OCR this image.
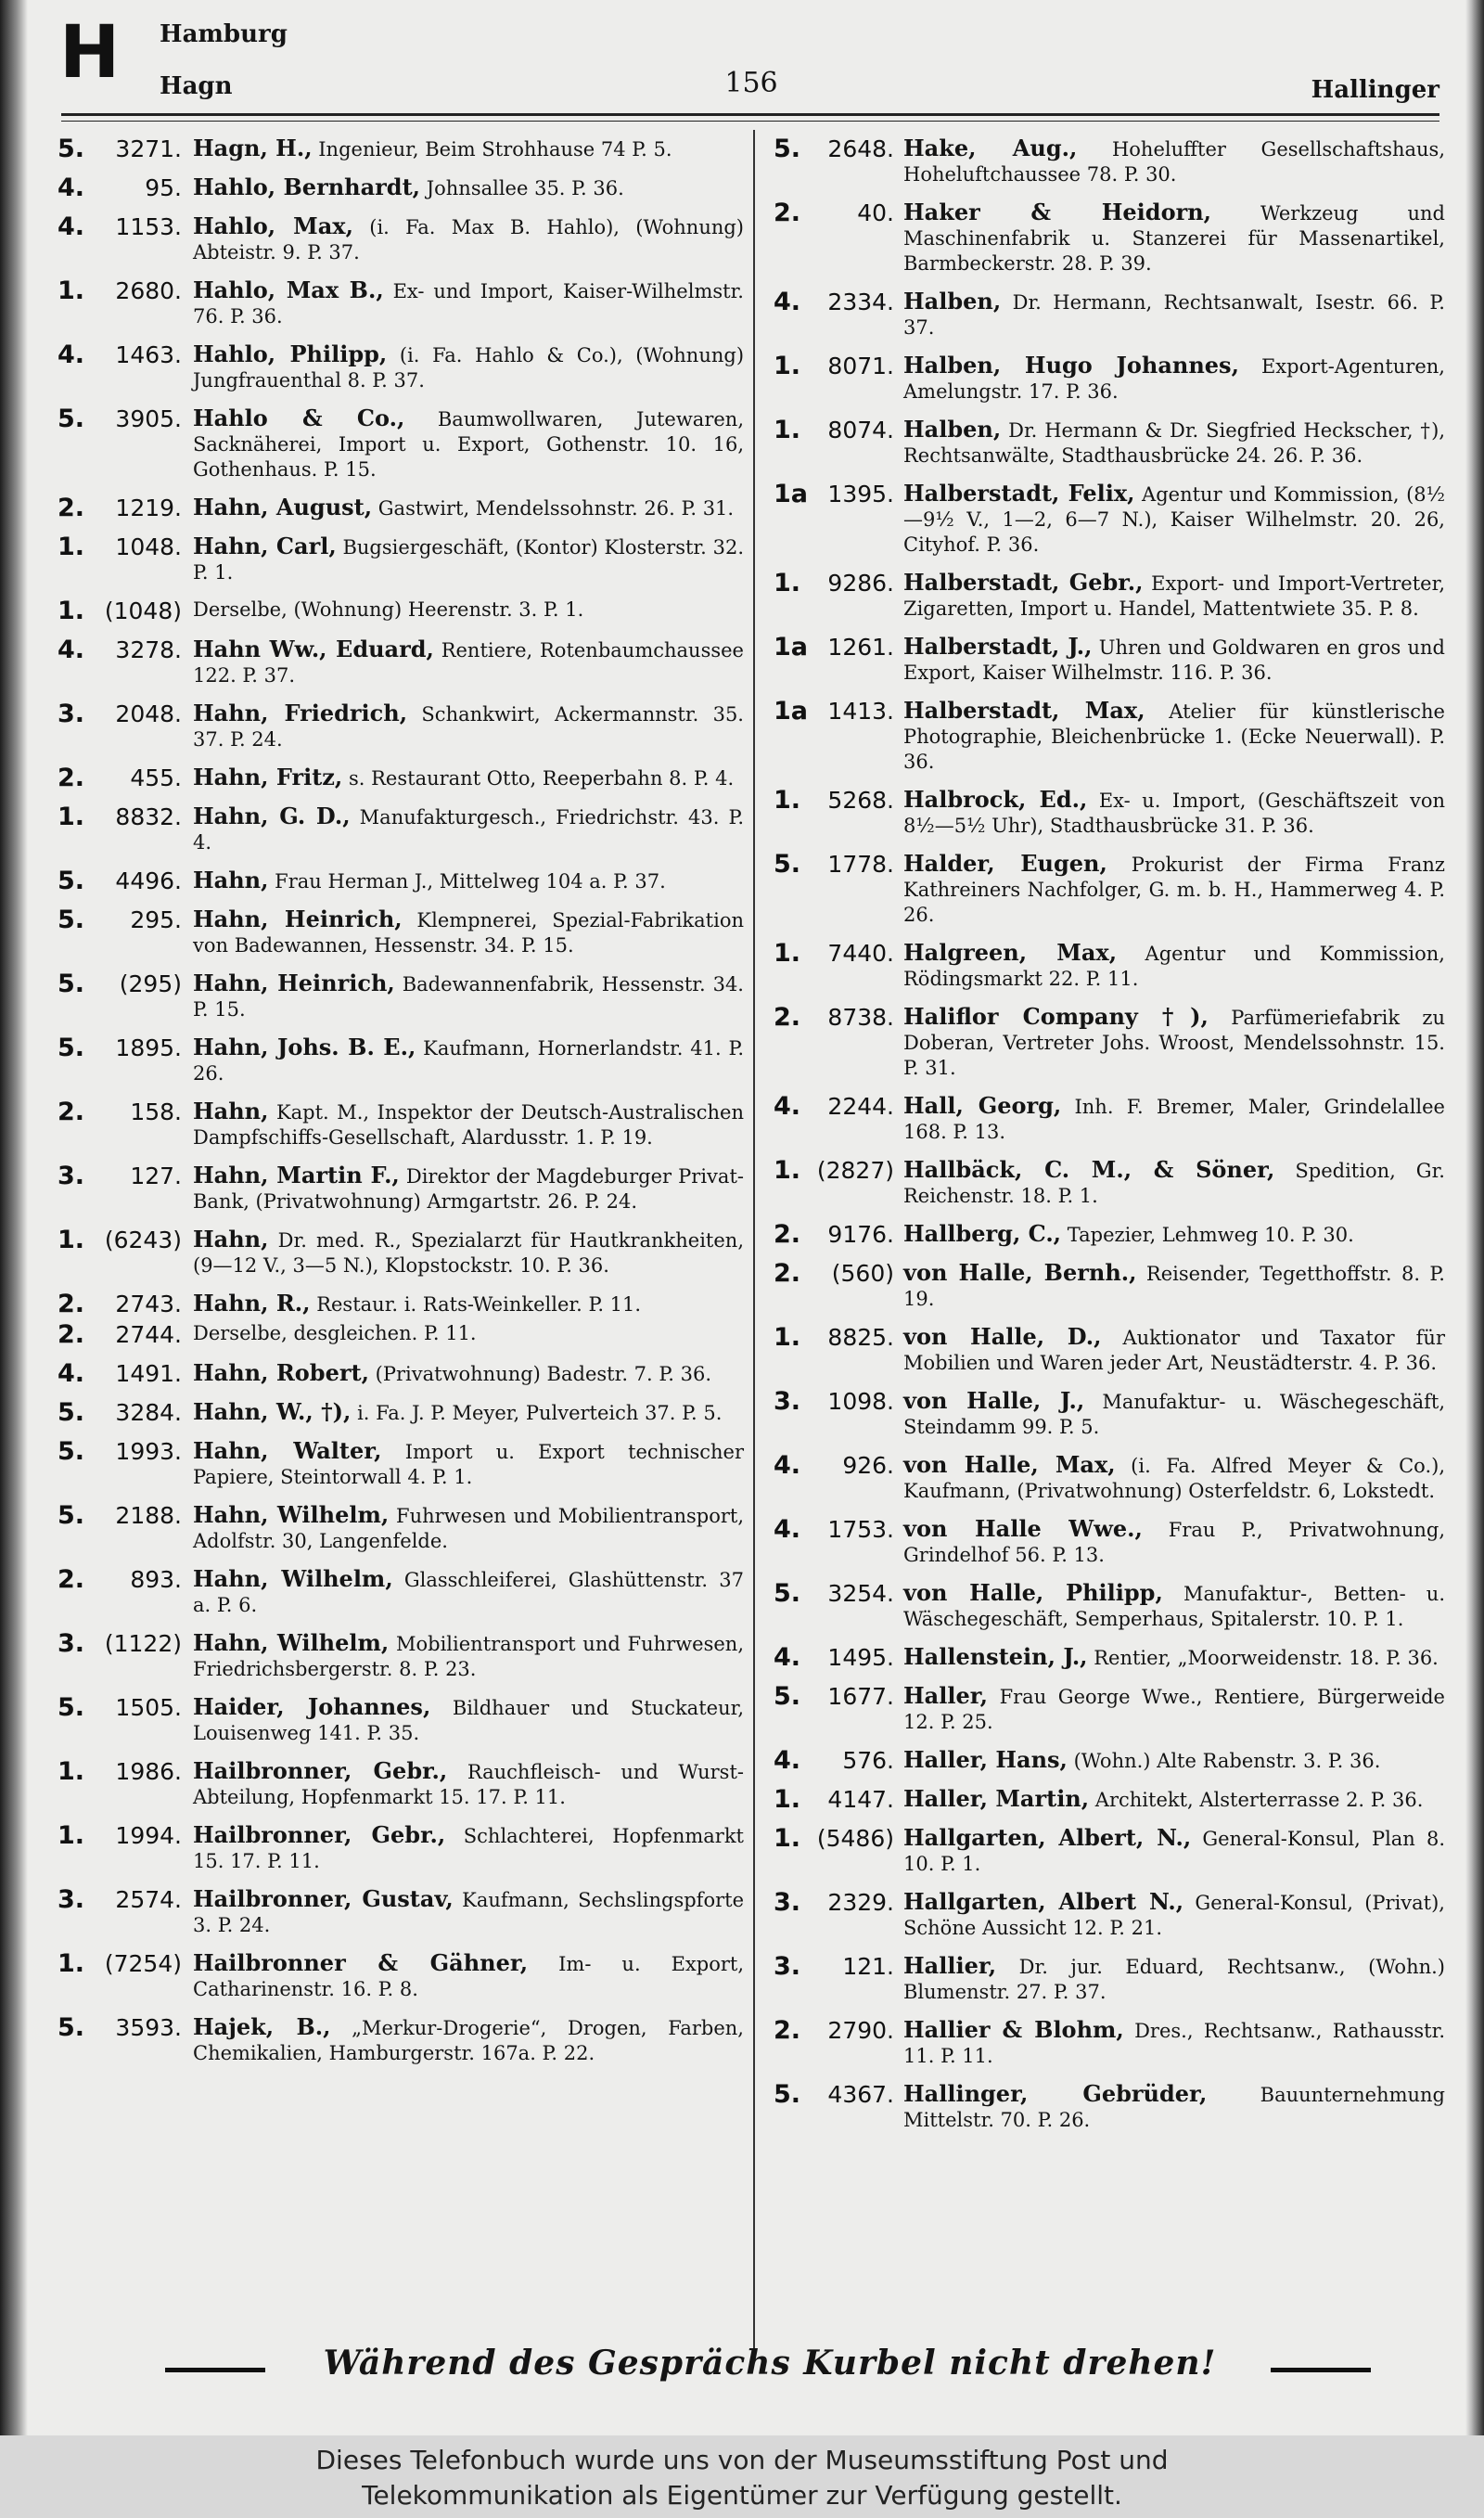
H Hamburg
Hagn	156	Hallinger
5. 3271. Hagn, H., Ingenieur, Beim Strohhause 74 P. 5.
4.	95. Hahlo, Bernhardt, Johnsallee 35. P. 36.
4. 1153. Hahlo, Max, (i. Fa. Max B. Hahlo), (Wohnung) Abteistr. 9. P. 37.
1. 2680. Hahlo, Max B., Ex- und Import, Kaiser-Wilhelmstr. 76. P. 36.
4. 1463. Hahlo, Philipp, (i. Fa. Hahlo & Co.), (Wohnung) Jungfrauenthal 8. P. 37.
5. 3905. Hahlo & Co., Baumwollwaren, Jutewaren, Sacknäherei, Import u. Export, Gothenstr. 10. 16, Gothenhaus. P. 15.
2. 1219. Hahn, August, Gastwirt, Mendelssohnstr. 26. P. 31.
1. 1048. Hahn, Carl, Bugsiergeschäft, (Kontor) Klosterstr. 32. P. 1.
1. (1048) Derselbe, (Wohnung) Heerenstr. 3. P. 1.
4. 3278. Hahn Ww., Eduard, Rentiere, Rotenbaumchaussee 122. P. 37.
3. 2048. Hahn, Friedrich, Schankwirt, Ackermannstr. 35. 37. P. 24.
2. 455. Hahn, Fritz, s. Restaurant Otto, Reeperbahn 8. P. 4.
1. 8832. Hahn, G. D., Manufakturgesch., Friedrichstr. 43. P. 4.
5. 4496. Hahn, Frau Herman J., Mittelweg 104 a. P. 37.
5. 295. Hahn, Heinrich, Klempnerei, Spezial-Fabrikation von Badewannen, Hessenstr. 34. P. 15.
5. (295) Hahn, Heinrich, Badewannenfabrik, Hessenstr. 34. P. 15.
5. 1895. Hahn, Johs. B. E., Kaufmann, Hornerlandstr. 41. P. 26.
2. 158. Hahn, Kapt. M., Inspektor der Deutsch-Australischen Dampfschiffs-Gesellschaft, Alardusstr. 1. P. 19.
3. 127. Hahn, Martin F., Direktor der Magdeburger Privat-Bank, (Privatwohnung) Armgartstr. 26. P. 24.
1. (6243) Hahn, Dr. med. R., Spezialarzt für Hautkrankheiten, (9—12 V., 3—5 N.), Klopstockstr. 10. P. 36.
2. 2743. Hahn, R., Restaur. i. Rats-Weinkeller. P. 11.
2. 2744. Derselbe, desgleichen. P. 11.
4. 1491. Hahn, Robert, (Privatwohnung) Badestr. 7. P. 36.
5. 3284. Hahn, W., †), i. Fa. J. P. Meyer, Pulverteich 37. P. 5.
5. 1993. Hahn, Walter, Import u. Export technischer Papiere, Steintorwall 4. P. 1.
5. 2188. Hahn, Wilhelm, Fuhrwesen und Mobilientransport, Adolfstr. 30, Langenfelde.
2. 893. Hahn, Wilhelm, Glasschleiferei, Glashüttenstr. 37 a. P. 6.
3. (1122) Hahn, Wilhelm, Mobilientransport und Fuhrwesen, Friedrichsbergerstr. 8. P. 23.
5. 1505. Haider, Johannes, Bildhauer und Stuckateur, Louisenweg 141. P. 35.
1. 1986. Hailbronner, Gebr., Rauchfleisch- und Wurst-Abteilung, Hopfenmarkt 15. 17. P. 11.
1. 1994. Hailbronner, Gebr., Schlachterei, Hopfenmarkt 15. 17. P. 11.
3. 2574. Hailbronner, Gustav, Kaufmann, Sechslingspforte 3. P. 24.
1. (7254) Hailbronner & Gähner, Im- u. Export, Catharinenstr. 16. P. 8.
5. 3593. Hajek, B., „Merkur-Drogerie“, Drogen, Farben, Chemikalien, Hamburgerstr. 167a. P. 22.
5. 2648. Hake, Aug., Hoheluffter Gesellschaftshaus, Hoheluftchaussee 78. P. 30.
2. 40. Haker & Heidorn,	Werkzeug und Maschinenfabrik u. Stanzerei für Massenartikel, Barmbeckerstr. 28. P. 39.
4. 2334. Halben, Dr. Hermann, Rechtsanwalt, Isestr. 66. P. 37.
1. 8071. Halben, Hugo Johannes, Export-Agenturen, Amelungstr. 17. P. 36.
1. 8074. Halben, Dr. Hermann & Dr. Siegfried Heckscher, †), Rechtsanwälte, Stadthausbrücke 24. 26. P. 36.
1a 1395. Halberstadt, Felix, Agentur und Kommission, (8½—9½ V., 1—2, 6—7 N.), Kaiser Wilhelmstr. 20. 26, Cityhof. P. 36.
1. 9286. Halberstadt, Gebr., Export- und Import-Vertreter, Zigaretten, Import u. Handel, Mattentwiete 35. P. 8.
1a 1261. Halberstadt, J., Uhren und Goldwaren en gros und Export, Kaiser Wilhelmstr. 116. P. 36.
1a 1413. Halberstadt, Max, Atelier für künstlerische Photographie, Bleichenbrücke 1. (Ecke Neuerwall). P. 36.
1. 5268. Halbrock, Ed., Ex- u. Import, (Geschäftszeit von 8½—5½ Uhr), Stadthausbrücke 31. P. 36.
5. 1778. Halder, Eugen, Prokurist der Firma Franz Kathreiners Nachfolger, G. m. b. H., Hammerweg 4. P. 26.
1. 7440. Halgreen, Max, Agentur und Kommission, Rödingsmarkt 22. P. 11.
2. 8738. Haliflor Company †), Parfümeriefabrik zu Doberan, Vertreter Johs. Wroost, Mendelssohnstr. 15. P. 31.
4. 2244. Hall, Georg, Inh. F. Bremer, Maler, Grindelallee 168. P. 13.
1. (2827) Hallbäck, C. M., & Söner, Spedition, Gr. Reichenstr. 18. P. 1.
2. 9176. Hallberg, C., Tapezier, Lehmweg 10. P. 30.
2. (560) von Halle, Bernh., Reisender, Tegetthoffstr. 8. P. 19.
1. 8825. von Halle, D., Auktionator und Taxator für Mobilien und Waren jeder Art, Neustädterstr. 4. P. 36.
3. 1098. von Halle, J., Manufaktur- u. Wäschegeschäft, Steindamm 99. P. 5.
4. 926. von Halle, Max, (i. Fa. Alfred Meyer & Co.), Kaufmann, (Privatwohnung) Osterfeldstr. 6, Lokstedt.
4. 1753. von Halle Wwe., Frau P., Privatwohnung, Grindelhof 56. P. 13.
5. 3254. von Halle, Philipp, Manufaktur-, Betten- u. Wäschegeschäft, Semperhaus, Spitalerstr. 10. P. 1.
4. 1495. Hallenstein, J., Rentier, „Moorweidenstr. 18. P. 36.
5. 1677. Haller, Frau George Wwe., Rentiere, Bürgerweide 12. P. 25.
4. 576. Haller, Hans, (Wohn.) Alte Rabenstr. 3. P. 36.
1. 4147. Haller, Martin, Architekt, Alsterterrasse 2. P. 36.
1. (5486) Hallgarten, Albert, N., General-Konsul, Plan 8. 10. P. 1.
3. 2329. Hallgarten, Albert N., General-Konsul, (Privat), Schöne Aussicht 12. P. 21.
3. 121. Hallier, Dr. jur. Eduard, Rechtsanw., (Wohn.) Blumenstr. 27. P. 37.
2. 2790. Hallier & Blohm, Dres., Rechtsanw., Rathausstr. 11. P. 11.
5. 4367. Hallinger, Gebrüder,	Bauunternehmung Mittelstr. 70. P. 26.
Während des Gesprächs Kurbel nicht drehen!
Dieses Telefonbuch wurde uns von der Museumsstiftung Post und
Telekommunikation als Eigentümer zur Verfügung gestellt.
